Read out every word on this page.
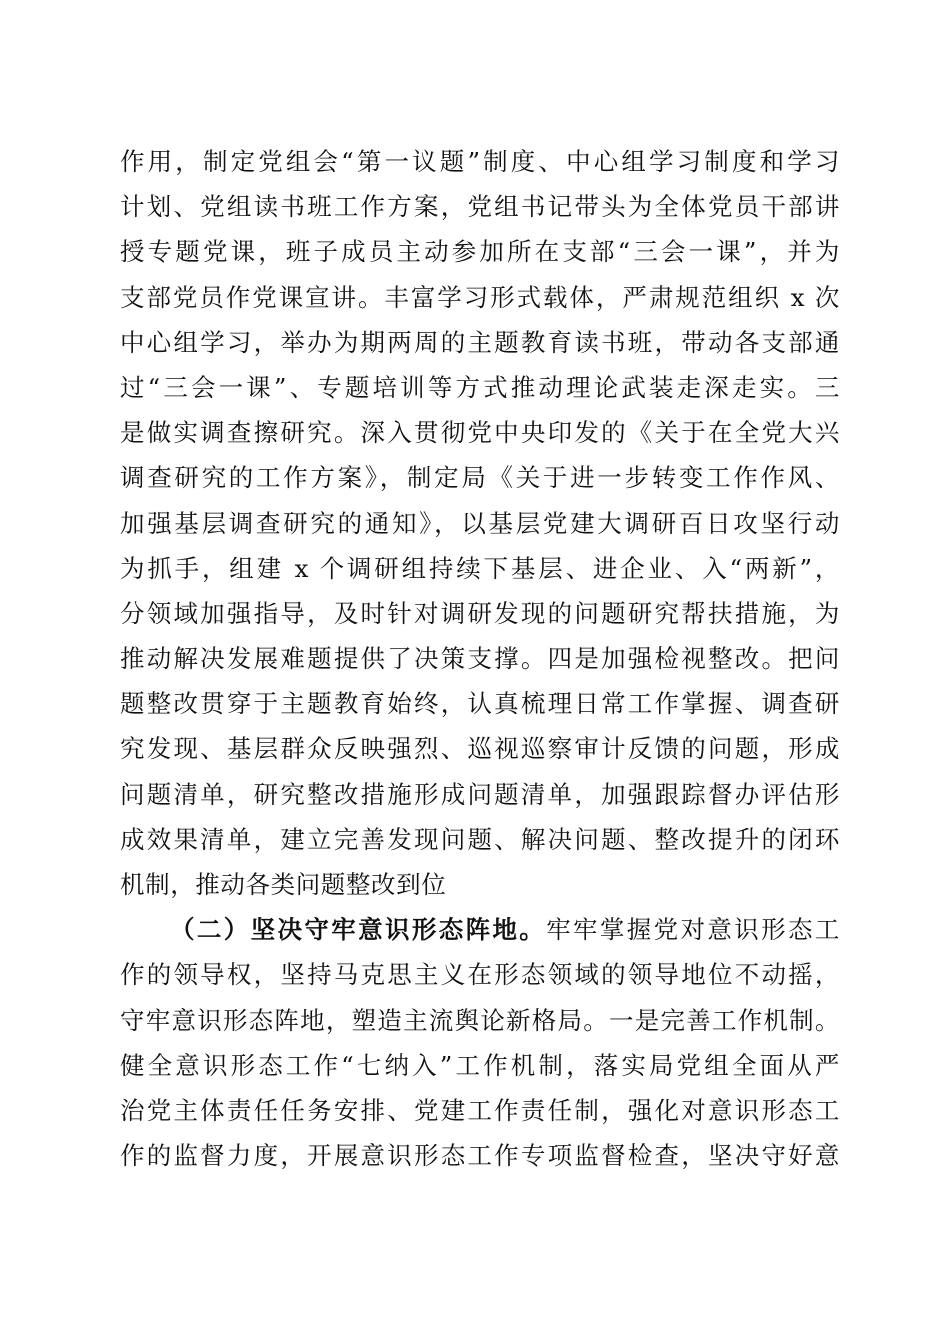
作用，制定党组会“第一议题”制度、中心组学习制度和学习
计划、党组读书班工作方案，党组书记带头为全体党员干部讲
授专题党课，班子成员主动参加所在支部“三会一课”，并为
支部党员作党课宣讲。丰富学习形式载体，严肃规范组织 x 次
中心组学习，举办为期两周的主题教育读书班，带动各支部通
过“三会一课”、专题培训等方式推动理论武装走深走实。三
是做实调查擦研究。深入贯彻党中央印发的《关于在全党大兴
调查研究的工作方案》，制定局《关于进一步转变工作作风、
加强基层调查研究的通知》，以基层党建大调研百日攻坚行动
为抓手，组建 x 个调研组持续下基层、进企业、入“两新”，
分领域加强指导，及时针对调研发现的问题研究帮扶措施，为
推动解决发展难题提供了决策支撑。四是加强检视整改。把问
题整改贯穿于主题教育始终，认真梳理日常工作掌握、调查研
究发现、基层群众反映强烈、巡视巡察审计反馈的问题，形成
问题清单，研究整改措施形成问题清单，加强跟踪督办评估形
成效果清单，建立完善发现问题、解决问题、整改提升的闭环
机制，推动各类问题整改到位
（二）坚决守牢意识形态阵地。牢牢掌握党对意识形态工
作的领导权，坚持马克思主义在形态领域的领导地位不动摇，
守牢意识形态阵地，塑造主流舆论新格局。一是完善工作机制。
健全意识形态工作“七纳入”工作机制，落实局党组全面从严
治党主体责任任务安排、党建工作责任制，强化对意识形态工
作的监督力度，开展意识形态工作专项监督检查，坚决守好意
